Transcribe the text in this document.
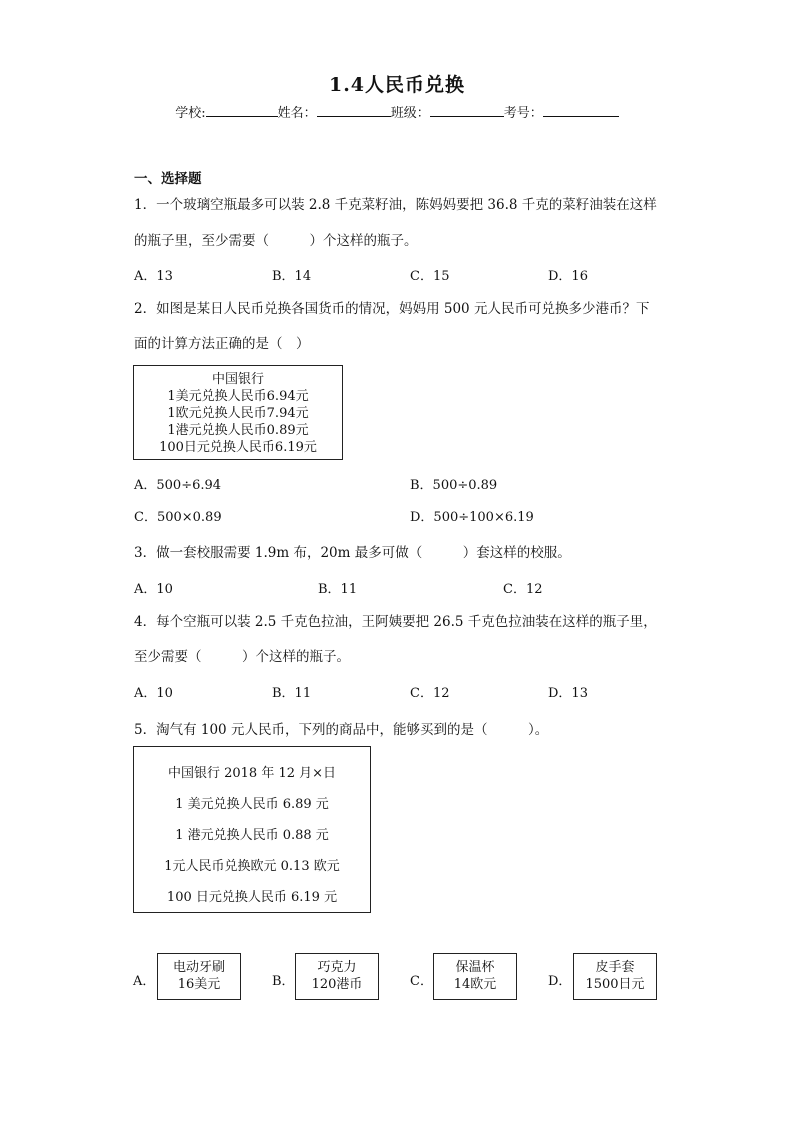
1.4人民币兑换
学校:	姓名：	班级：	考号：
一、选择题
1．一个玻璃空瓶最多可以装 2.8 千克菜籽油，陈妈妈要把 36.8 千克的菜籽油装在这样
的瓶子里，至少需要（　　　）个这样的瓶子。
A．13	B．14	C．15	D．16
2．如图是某日人民币兑换各国货币的情况，妈妈用 500 元人民币可兑换多少港币？下
面的计算方法正确的是（　）
中国银行
1美元兑换人民币6.94元
1欧元兑换人民币7.94元
1港元兑换人民币0.89元
100日元兑换人民币6.19元
A．500÷6.94	B．500÷0.89
C．500×0.89	D．500÷100×6.19
3．做一套校服需要 1.9m 布，20m 最多可做（　　　）套这样的校服。
A．10	B．11	C．12
4．每个空瓶可以装 2.5 千克色拉油，王阿姨要把 26.5 千克色拉油装在这样的瓶子里，
至少需要（　　　）个这样的瓶子。
A．10	B．11	C．12	D．13
5．淘气有 100 元人民币，下列的商品中，能够买到的是（　　　）。
中国银行 2018 年 12 月×日
1 美元兑换人民币 6.89 元
1 港元兑换人民币 0.88 元
1元人民币兑换欧元 0.13 欧元
100 日元兑换人民币 6.19 元
A．
电动牙刷
16美元	B．
巧克力
120港币	C．
保温杯
14欧元	D．
皮手套
1500日元
